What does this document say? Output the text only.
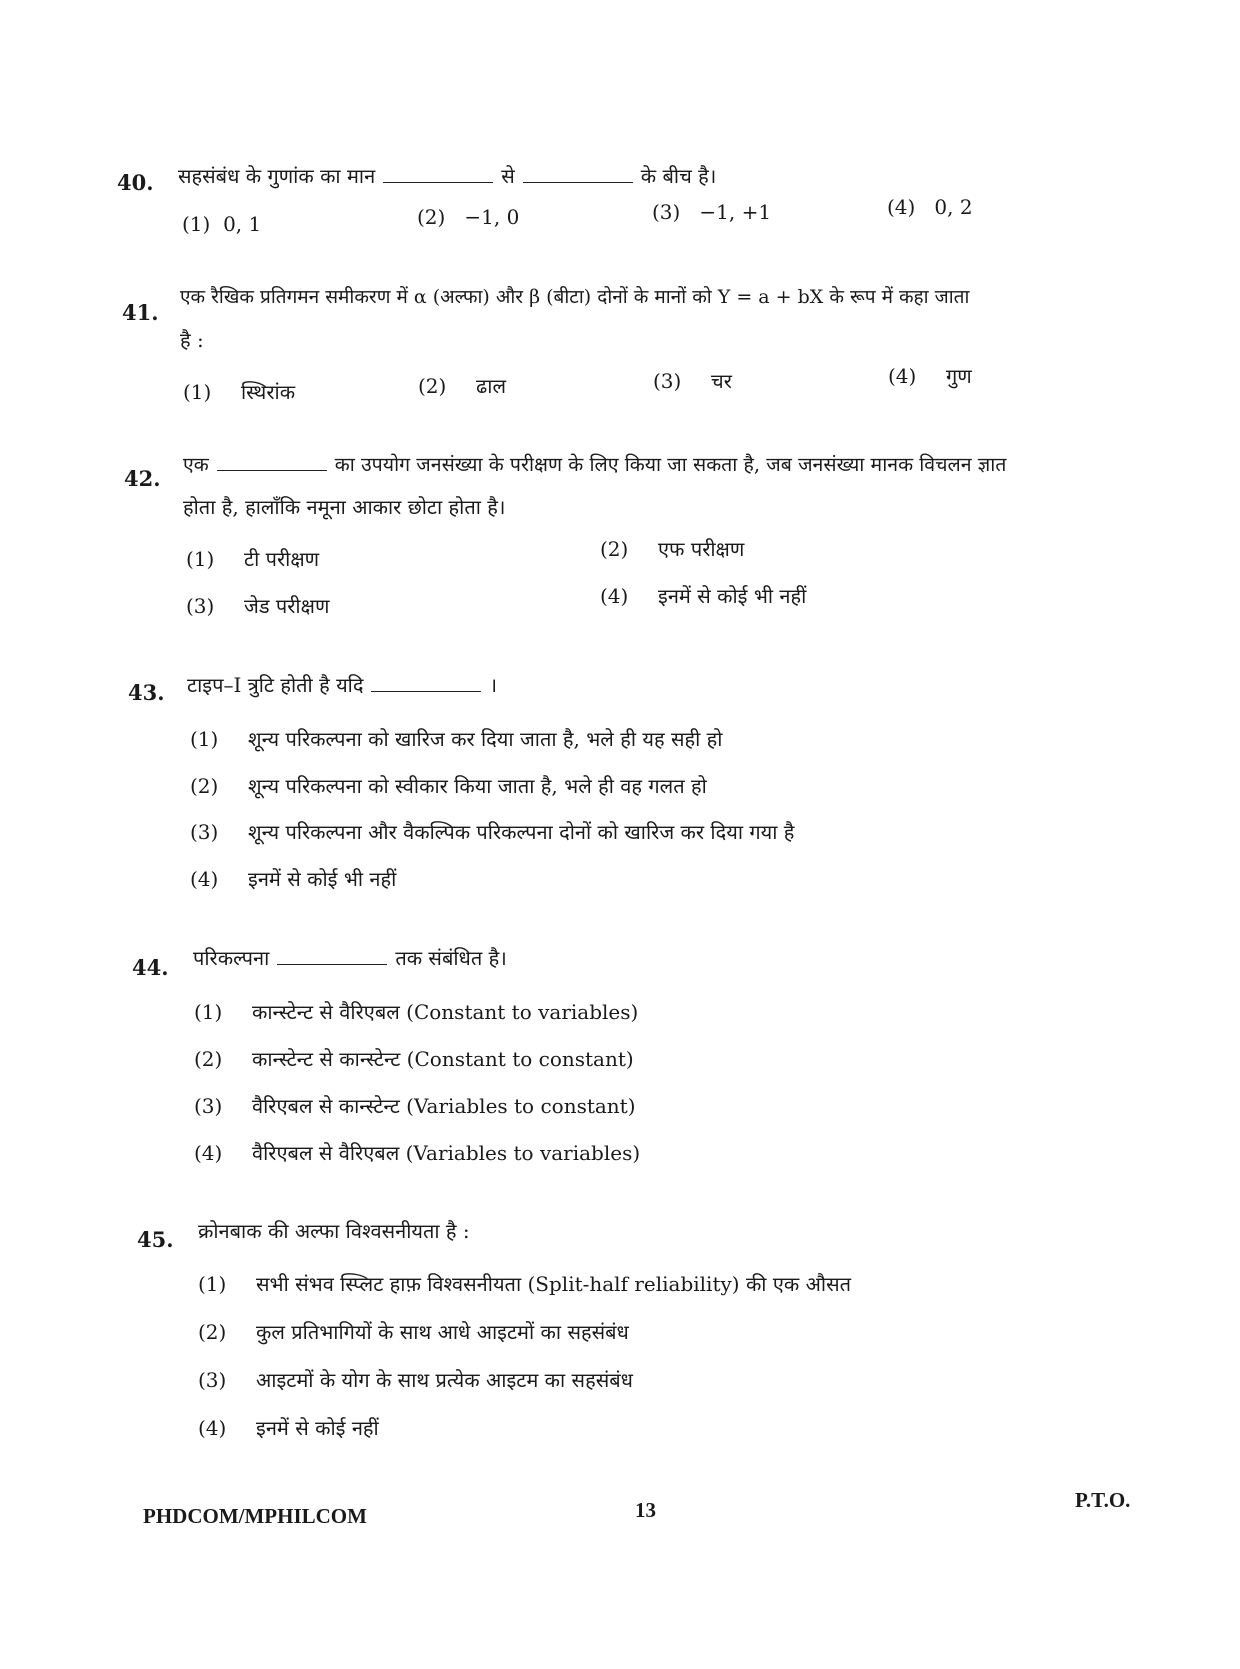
40. सहसंबंध के गुणांक का मान	से	के बीच है।
(1) 0, 1	(2) −1, 0	(3) −1, +1	(4) 0, 2
41.
एक रैखिक प्रतिगमन समीकरण में α (अल्फा) और β (बीटा) दोनों के मानों को Y = a + bX के रूप में कहा जाता
है :
(1) स्थिरांक	(2) ढाल	(3) चर	(4) गुण
42.
एक	का उपयोग जनसंख्या के परीक्षण के लिए किया जा सकता है, जब जनसंख्या मानक विचलन ज्ञात
होता है, हालाँकि नमूना आकार छोटा होता है।
(1) टी परीक्षण	(2) एफ परीक्षण
(3) जेड परीक्षण	(4) इनमें से कोई भी नहीं
43. टाइप–I त्रुटि होती है यदि	।
(1) शून्य परिकल्पना को खारिज कर दिया जाता है, भले ही यह सही हो
(2) शून्य परिकल्पना को स्वीकार किया जाता है, भले ही वह गलत हो
(3) शून्य परिकल्पना और वैकल्पिक परिकल्पना दोनों को खारिज कर दिया गया है
(4) इनमें से कोई भी नहीं
44. परिकल्पना	तक संबंधित है।
(1) कान्स्टेन्ट से वैरिएबल (Constant to variables)
(2) कान्स्टेन्ट से कान्स्टेन्ट (Constant to constant)
(3) वैरिएबल से कान्स्टेन्ट (Variables to constant)
(4) वैरिएबल से वैरिएबल (Variables to variables)
45. क्रोनबाक की अल्फा विश्वसनीयता है :
(1) सभी संभव स्प्लिट हाफ़ विश्वसनीयता (Split-half reliability) की एक औसत
(2) कुल प्रतिभागियों के साथ आधे आइटमों का सहसंबंध
(3) आइटमों के योग के साथ प्रत्येक आइटम का सहसंबंध
(4) इनमें से कोई नहीं
PHDCOM/MPHILCOM	13	P.T.O.
